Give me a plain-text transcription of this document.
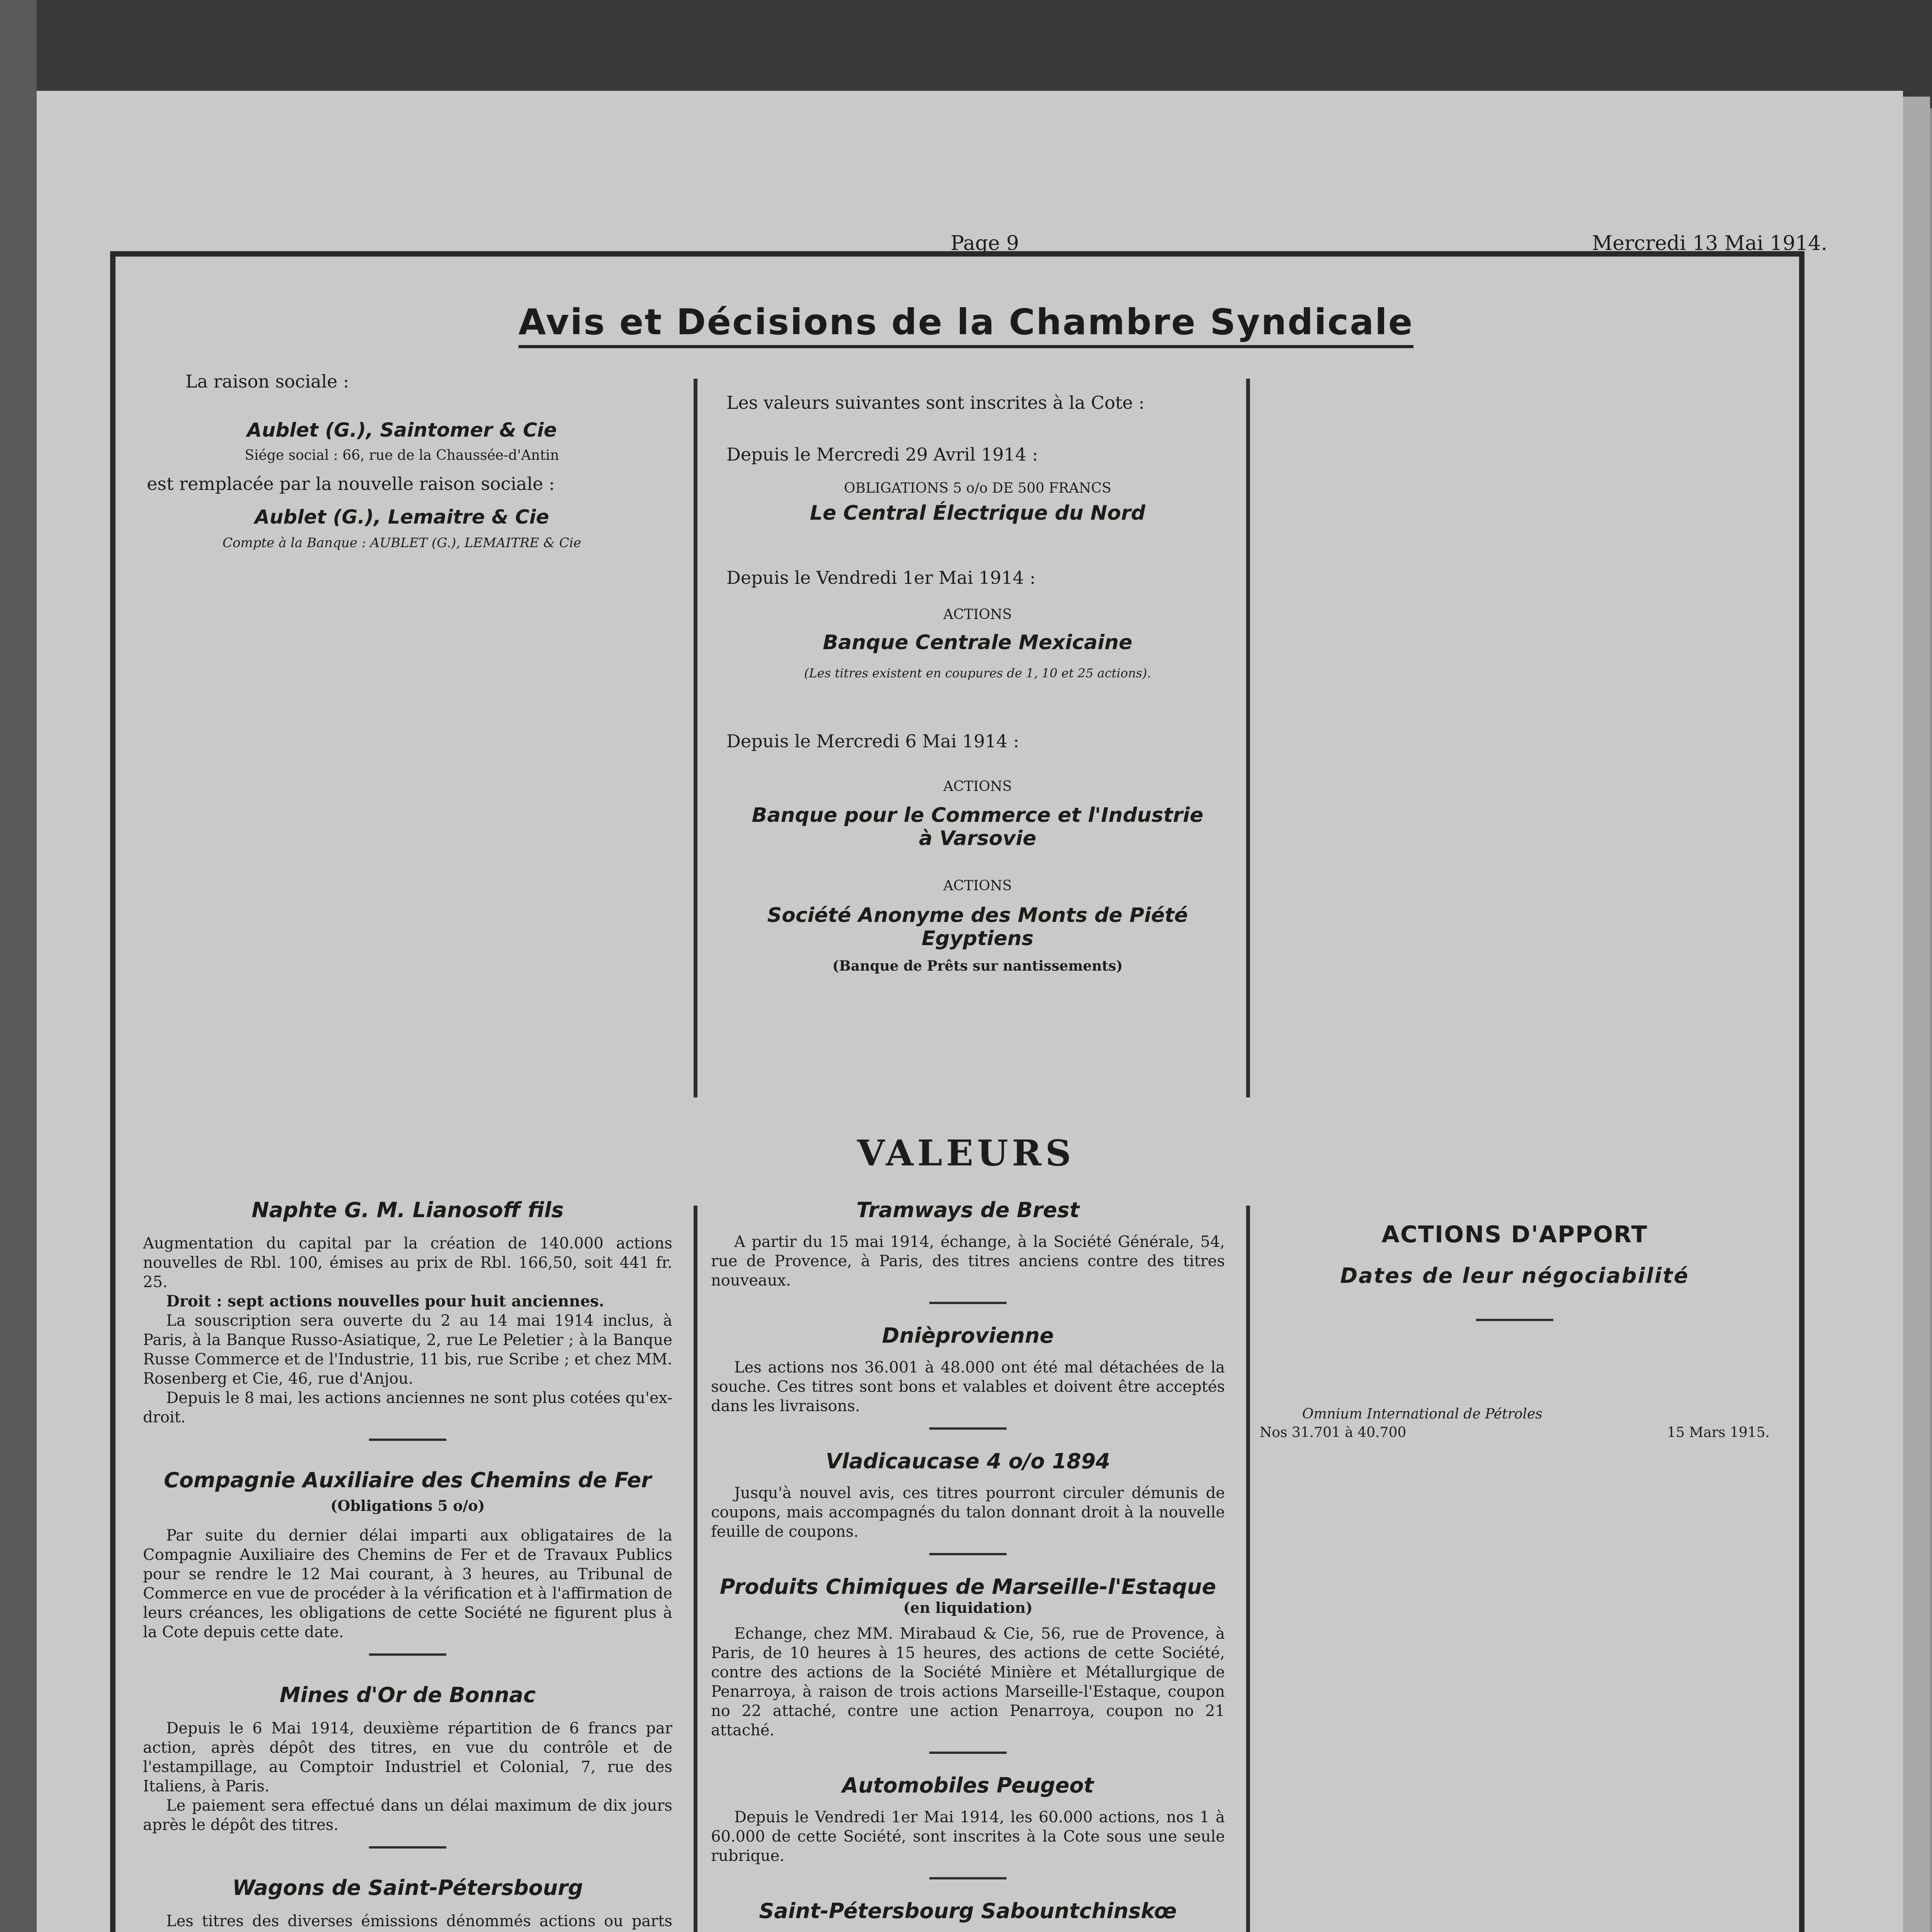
Page 9	Mercredi 13 Mai 1914.
Avis et Décisions de la Chambre Syndicale
La raison sociale :
Aublet (G.), Saintomer & Cie
Siége social : 66, rue de la Chaussée-d'Antin
est remplacée par la nouvelle raison sociale :
Aublet (G.), Lemaitre & Cie
Compte à la Banque : AUBLET (G.), LEMAITRE & Cie
Les valeurs suivantes sont inscrites à la Cote :
Depuis le Mercredi 29 Avril 1914 :
OBLIGATIONS 5 o/o DE 500 FRANCS
Le Central Électrique du Nord
Depuis le Vendredi 1er Mai 1914 :
ACTIONS
Banque Centrale Mexicaine
(Les titres existent en coupures de 1, 10 et 25 actions).
Depuis le Mercredi 6 Mai 1914 :
ACTIONS
Banque pour le Commerce et l'Industrie
à Varsovie
ACTIONS
Société Anonyme des Monts de Piété Egyptiens
(Banque de Prêts sur nantissements)
VALEURS
Naphte G. M. Lianosoff fils

Augmentation du capital par la création de 140.000 actions nouvelles de Rbl. 100, émises au prix de Rbl. 166,50, soit 441 fr. 25.

Droit : sept actions nouvelles pour huit anciennes.

La souscription sera ouverte du 2 au 14 mai 1914 inclus, à Paris, à la Banque Russo-Asiatique, 2, rue Le Peletier ; à la Banque Russe Commerce et de l'Industrie, 11 bis, rue Scribe ; et chez MM. Rosenberg et Cie, 46, rue d'Anjou.

Depuis le 8 mai, les actions anciennes ne sont plus cotées qu'ex-droit.

Compagnie Auxiliaire des Chemins de Fer
(Obligations 5 o/o)

Par suite du dernier délai imparti aux obligataires de la Compagnie Auxiliaire des Chemins de Fer et de Travaux Publics pour se rendre le 12 Mai courant, à 3 heures, au Tribunal de Commerce en vue de procéder à la vérification et à l'affirmation de leurs créances, les obligations de cette Société ne figurent plus à la Cote depuis cette date.

Mines d'Or de Bonnac

Depuis le 6 Mai 1914, deuxième répartition de 6 francs par action, après dépôt des titres, en vue du contrôle et de l'estampillage, au Comptoir Industriel et Colonial, 7, rue des Italiens, à Paris.

Le paiement sera effectué dans un délai maximum de dix jours après le dépôt des titres.

Wagons de Saint-Pétersbourg

Les titres des diverses émissions dénommés actions ou parts

Tramways de Brest

A partir du 15 mai 1914, échange, à la Société Générale, 54, rue de Provence, à Paris, des titres anciens contre des titres nouveaux.

Dnièprovienne

Les actions nos 36.001 à 48.000 ont été mal détachées de la souche. Ces titres sont bons et valables et doivent être acceptés dans les livraisons.

Vladicaucase 4 o/o 1894

Jusqu'à nouvel avis, ces titres pourront circuler démunis de coupons, mais accompagnés du talon donnant droit à la nouvelle feuille de coupons.

Produits Chimiques de Marseille-l'Estaque
(en liquidation)

Echange, chez MM. Mirabaud & Cie, 56, rue de Provence, à Paris, de 10 heures à 15 heures, des actions de cette Société, contre des actions de la Société Minière et Métallurgique de Penarroya, à raison de trois actions Marseille-l'Estaque, coupon no 22 attaché, contre une action Penarroya, coupon no 21 attaché.

Automobiles Peugeot

Depuis le Vendredi 1er Mai 1914, les 60.000 actions, nos 1 à 60.000 de cette Société, sont inscrites à la Cote sous une seule rubrique.

Saint-Pétersbourg Sabountchinskœ

ACTIONS D'APPORT
Dates de leur négociabilité
Omnium International de Pétroles
Nos 31.701 à 40.700	15 Mars 1915.
